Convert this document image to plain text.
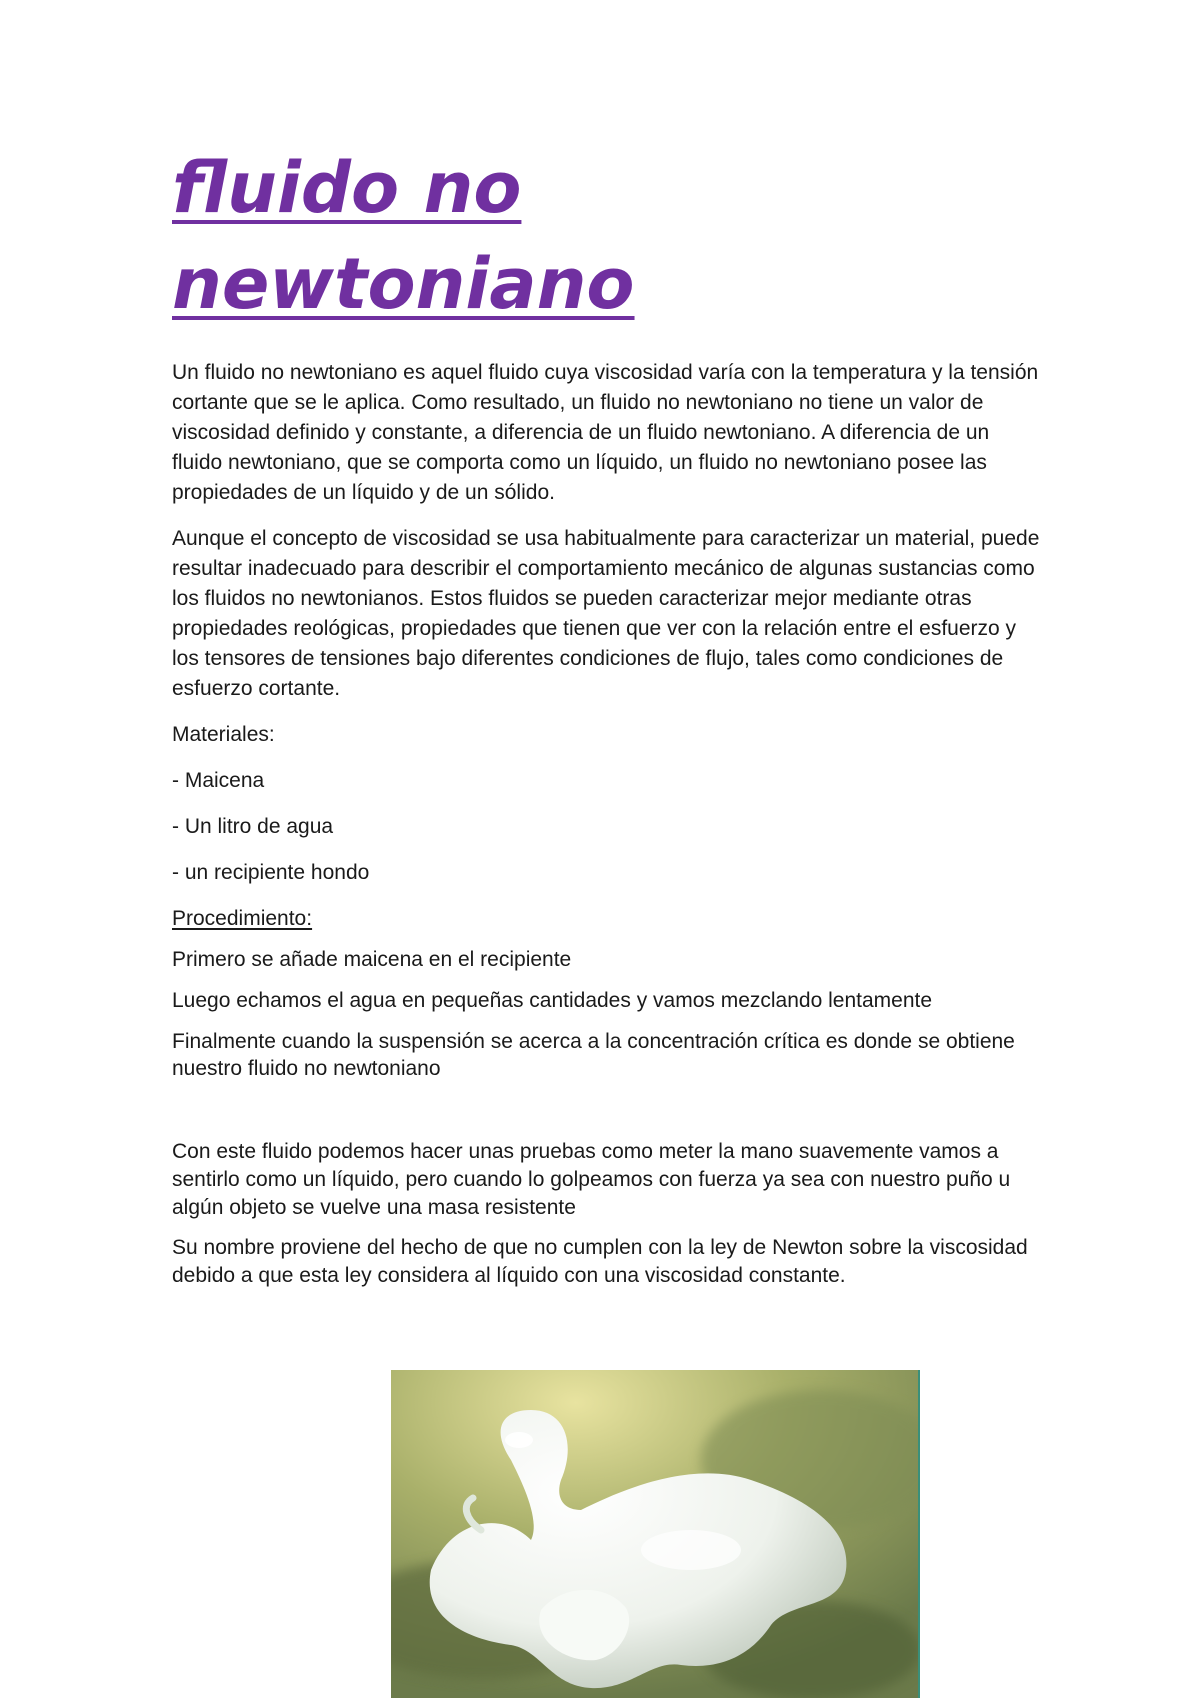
fluido no
newtoniano

Un fluido no newtoniano es aquel fluido cuya viscosidad varía con la temperatura y la tensión cortante que se le aplica. Como resultado, un fluido no newtoniano no tiene un valor de viscosidad definido y constante, a diferencia de un fluido newtoniano. A diferencia de un fluido newtoniano, que se comporta como un líquido, un fluido no newtoniano posee las propiedades de un líquido y de un sólido.

Aunque el concepto de viscosidad se usa habitualmente para caracterizar un material, puede resultar inadecuado para describir el comportamiento mecánico de algunas sustancias como los fluidos no newtonianos. Estos fluidos se pueden caracterizar mejor mediante otras propiedades reológicas, propiedades que tienen que ver con la relación entre el esfuerzo y los tensores de tensiones bajo diferentes condiciones de flujo, tales como condiciones de esfuerzo cortante.

Materiales:

- Maicena

- Un litro de agua

- un recipiente hondo

Procedimiento:

Primero se añade maicena en el recipiente

Luego echamos el agua en pequeñas cantidades y vamos mezclando lentamente

Finalmente cuando la suspensión se acerca a la concentración crítica es donde se obtiene nuestro fluido no newtoniano

Con este fluido podemos hacer unas pruebas como meter la mano suavemente vamos a sentirlo como un líquido, pero cuando lo golpeamos con fuerza ya sea con nuestro puño u algún objeto se vuelve una masa resistente

Su nombre proviene del hecho de que no cumplen con la ley de Newton sobre la viscosidad debido a que esta ley considera al líquido con una viscosidad constante.
